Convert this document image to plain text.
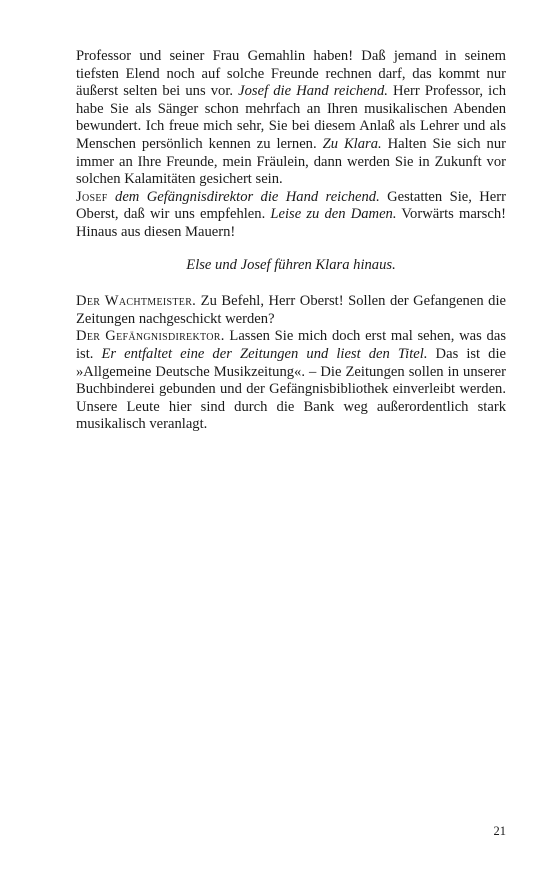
Professor und seiner Frau Gemahlin haben! Daß jemand in seinem tiefsten Elend noch auf solche Freunde rechnen darf, das kommt nur äußerst selten bei uns vor. Josef die Hand reichend. Herr Professor, ich habe Sie als Sänger schon mehrfach an Ihren musikalischen Abenden bewundert. Ich freue mich sehr, Sie bei diesem Anlaß als Lehrer und als Menschen persönlich kennen zu lernen. Zu Klara. Halten Sie sich nur immer an Ihre Freunde, mein Fräulein, dann werden Sie in Zukunft vor solchen Kalamitäten gesichert sein.

Josef dem Gefängnisdirektor die Hand reichend. Gestatten Sie, Herr Oberst, daß wir uns empfehlen. Leise zu den Damen. Vorwärts marsch! Hinaus aus diesen Mauern!

Else und Josef führen Klara hinaus.

Der Wachtmeister. Zu Befehl, Herr Oberst! Sollen der Gefangenen die Zeitungen nachgeschickt werden?

Der Gefängnisdirektor. Lassen Sie mich doch erst mal sehen, was das ist. Er entfaltet eine der Zeitungen und liest den Titel. Das ist die »Allgemeine Deutsche Musikzeitung«. – Die Zeitungen sollen in unserer Buchbinderei gebunden und der Gefängnisbibliothek einverleibt werden. Unsere Leute hier sind durch die Bank weg außerordentlich stark musikalisch veranlagt.

21
